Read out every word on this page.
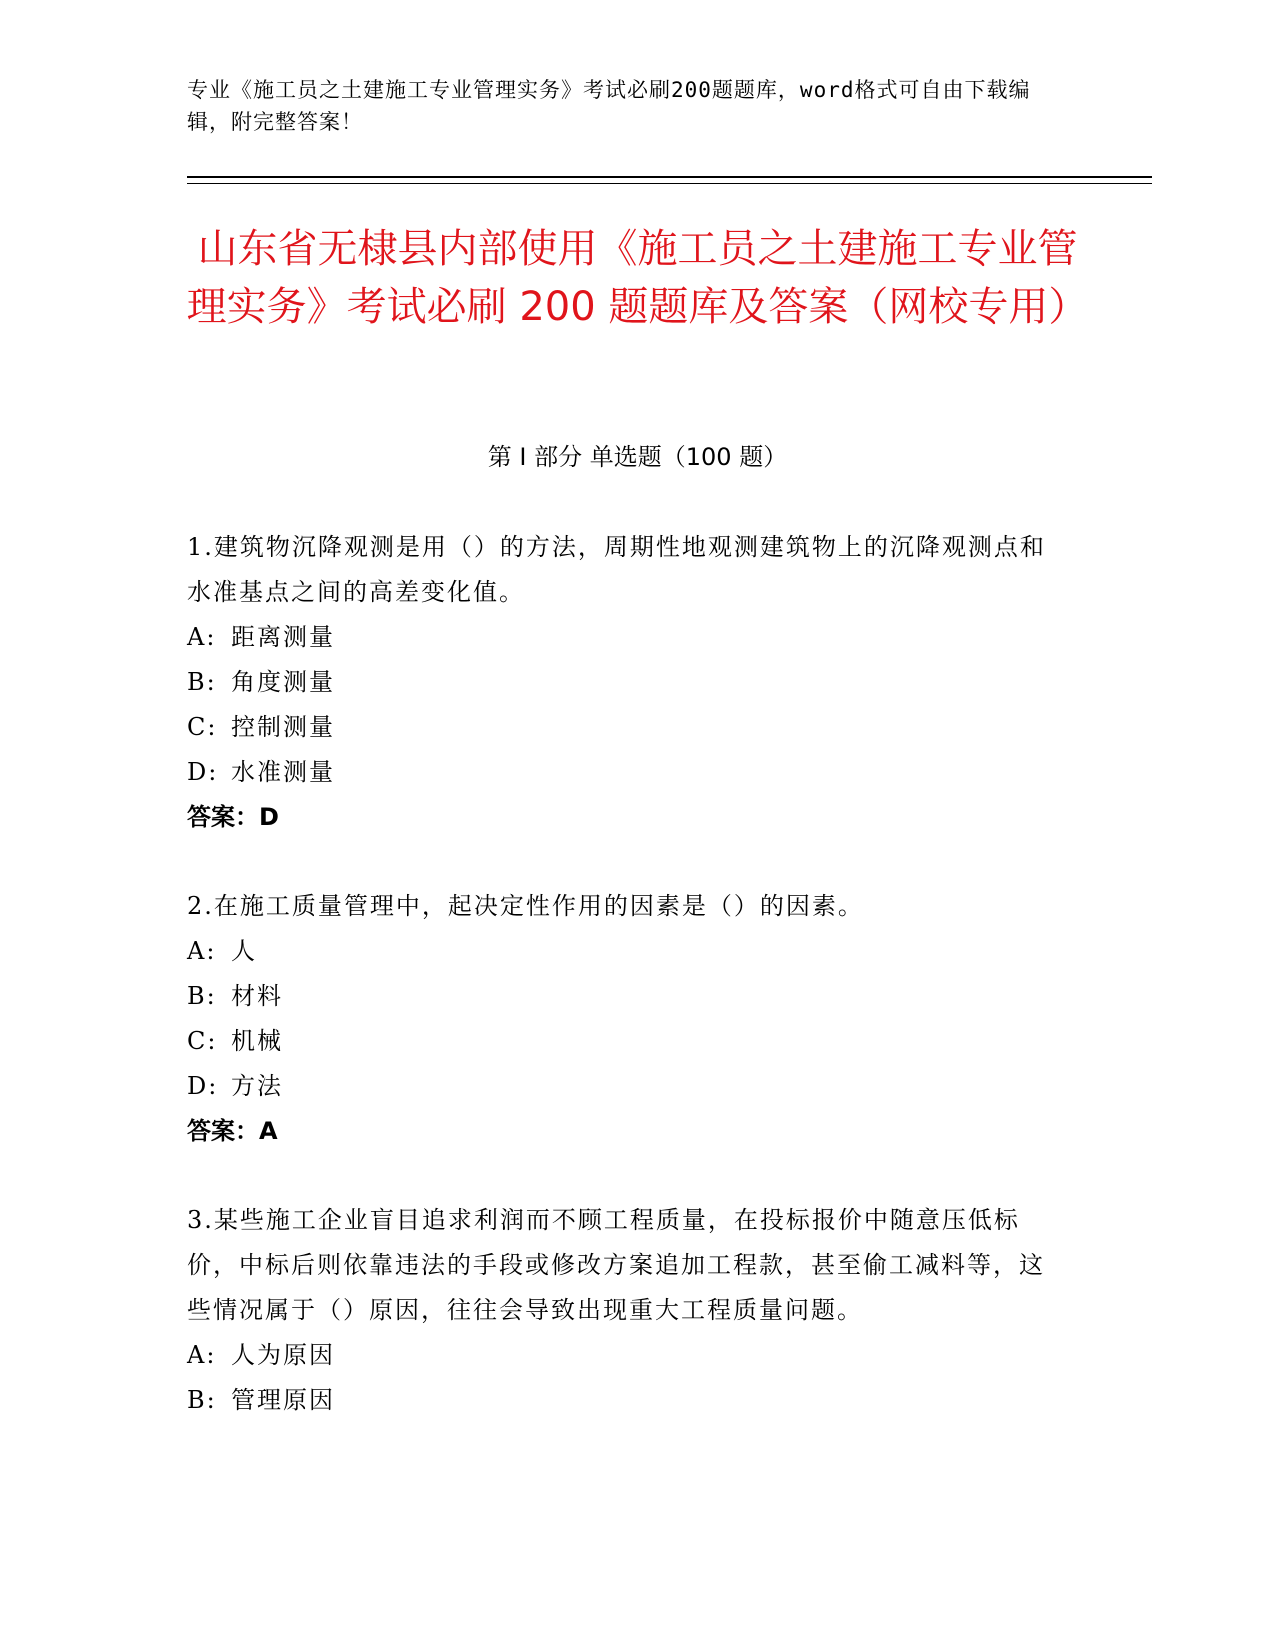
专业《施工员之土建施工专业管理实务》考试必刷200题题库，word格式可自由下载编辑，附完整答案！
山东省无棣县内部使用《施工员之土建施工专业管理实务》考试必刷 200 题题库及答案（网校专用）
第 I 部分 单选题（100 题）
1.建筑物沉降观测是用（）的方法，周期性地观测建筑物上的沉降观测点和水准基点之间的高差变化值。
A: 距离测量
B: 角度测量
C: 控制测量
D: 水准测量
答案：D
2.在施工质量管理中，起决定性作用的因素是（）的因素。
A: 人
B: 材料
C: 机械
D: 方法
答案：A
3.某些施工企业盲目追求利润而不顾工程质量，在投标报价中随意压低标价，中标后则依靠违法的手段或修改方案追加工程款，甚至偷工减料等，这些情况属于（）原因，往往会导致出现重大工程质量问题。
A: 人为原因
B: 管理原因
